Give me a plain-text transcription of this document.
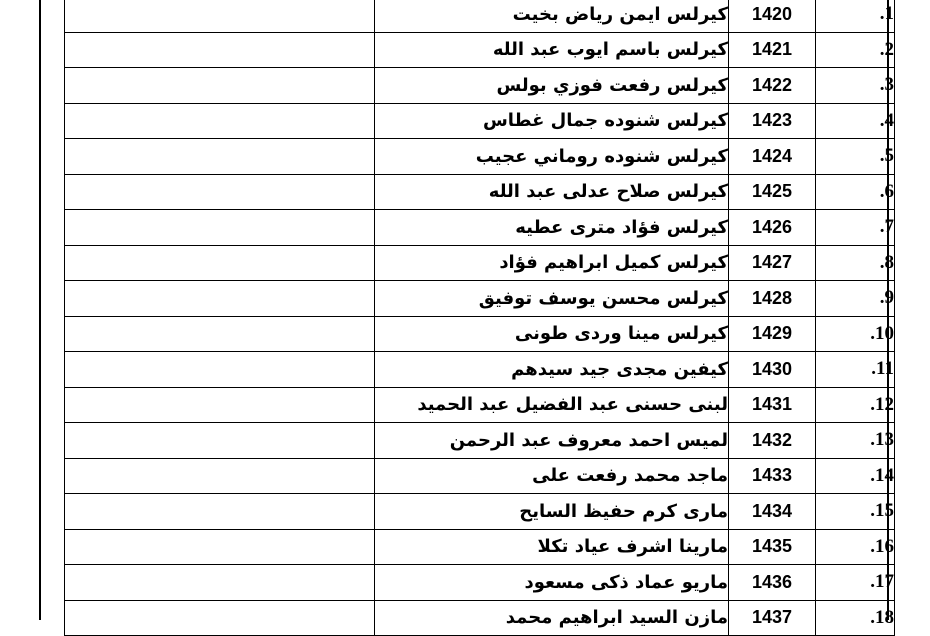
	كيرلس ايمن رياض بخيت	1420	.1
	كيرلس باسم ايوب عبد الله	1421	.2
	كيرلس رفعت فوزي بولس	1422	.3
	كيرلس شنوده جمال غطاس	1423	.4
	كيرلس شنوده روماني عجيب	1424	.5
	كيرلس صلاح عدلى عبد الله	1425	.6
	كيرلس فؤاد مترى عطيه	1426	.7
	كيرلس كميل ابراهيم فؤاد	1427	.8
	كيرلس محسن يوسف توفيق	1428	.9
	كيرلس مينا وردى طونى	1429	.10
	كيفين مجدى جيد سيدهم	1430	.11
	لبنى حسنى عبد الفضيل عبد الحميد	1431	.12
	لميس احمد معروف عبد الرحمن	1432	.13
	ماجد محمد رفعت على	1433	.14
	مارى كرم حفيظ السايح	1434	.15
	مارينا اشرف عياد تكلا	1435	.16
	ماريو عماد ذكى مسعود	1436	.17
	مازن السيد ابراهيم محمد	1437	.18
